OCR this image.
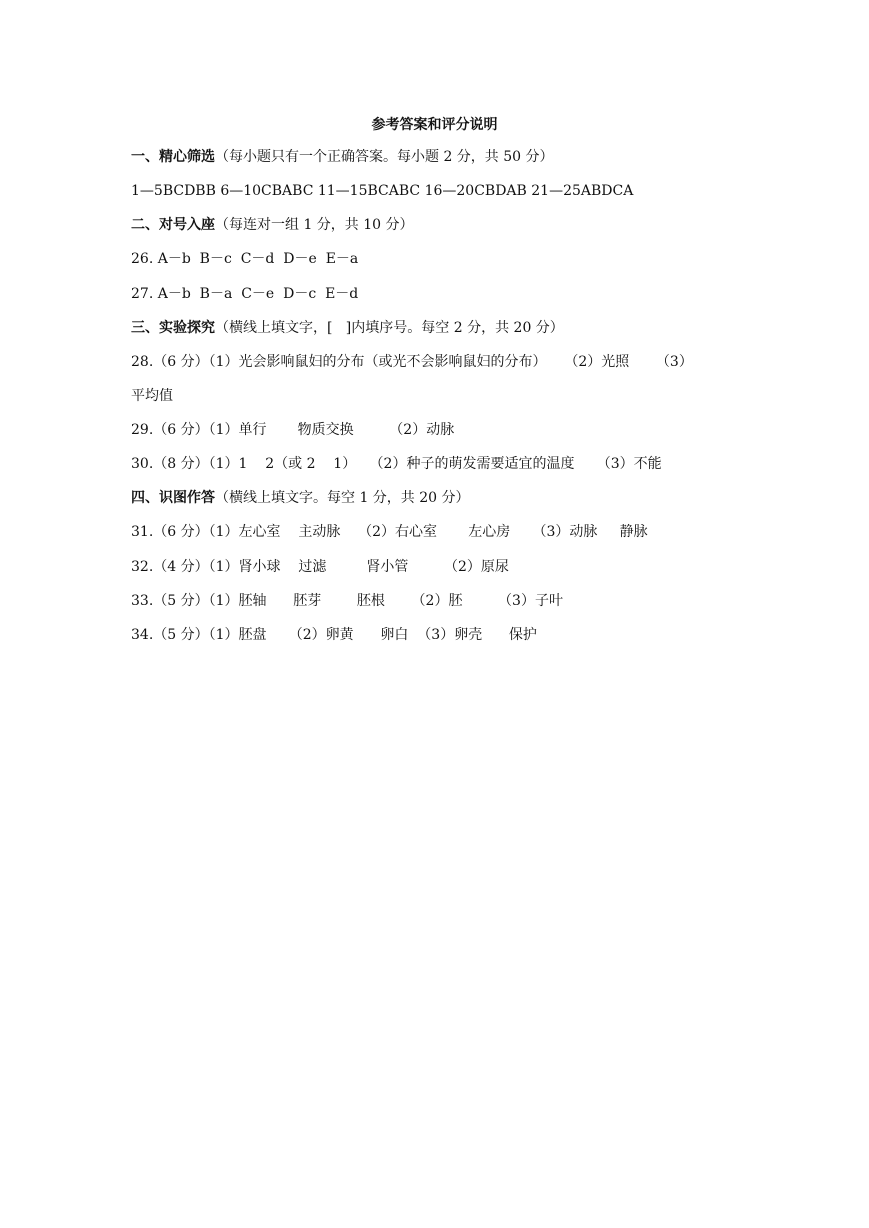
参考答案和评分说明
一、精心筛选（每小题只有一个正确答案。每小题 2 分，共 50 分）
1—5BCDBB 6—10CBABC 11—15BCABC 16—20CBDAB 21—25ABDCA
二、对号入座（每连对一组 1 分，共 10 分）
26. A－b  B－c  C－d  D－e  E－a
27. A－b  B－a  C－e  D－c  E－d
三、实验探究（横线上填文字，[   ]内填序号。每空 2 分，共 20 分）
28.（6 分）（1）光会影响鼠妇的分布（或光不会影响鼠妇的分布）    （2）光照      （3）
平均值
29.（6 分）（1）单行       物质交换        （2）动脉
30.（8 分）（1）1    2（或 2    1）   （2）种子的萌发需要适宜的温度     （3）不能
四、识图作答（横线上填文字。每空 1 分，共 20 分）
31.（6 分）（1）左心室    主动脉    （2）右心室       左心房     （3）动脉     静脉
32.（4 分）（1）肾小球    过滤         肾小管        （2）原尿
33.（5 分）（1）胚轴      胚芽        胚根      （2）胚        （3）子叶
34.（5 分）（1）胚盘     （2）卵黄      卵白  （3）卵壳      保护
